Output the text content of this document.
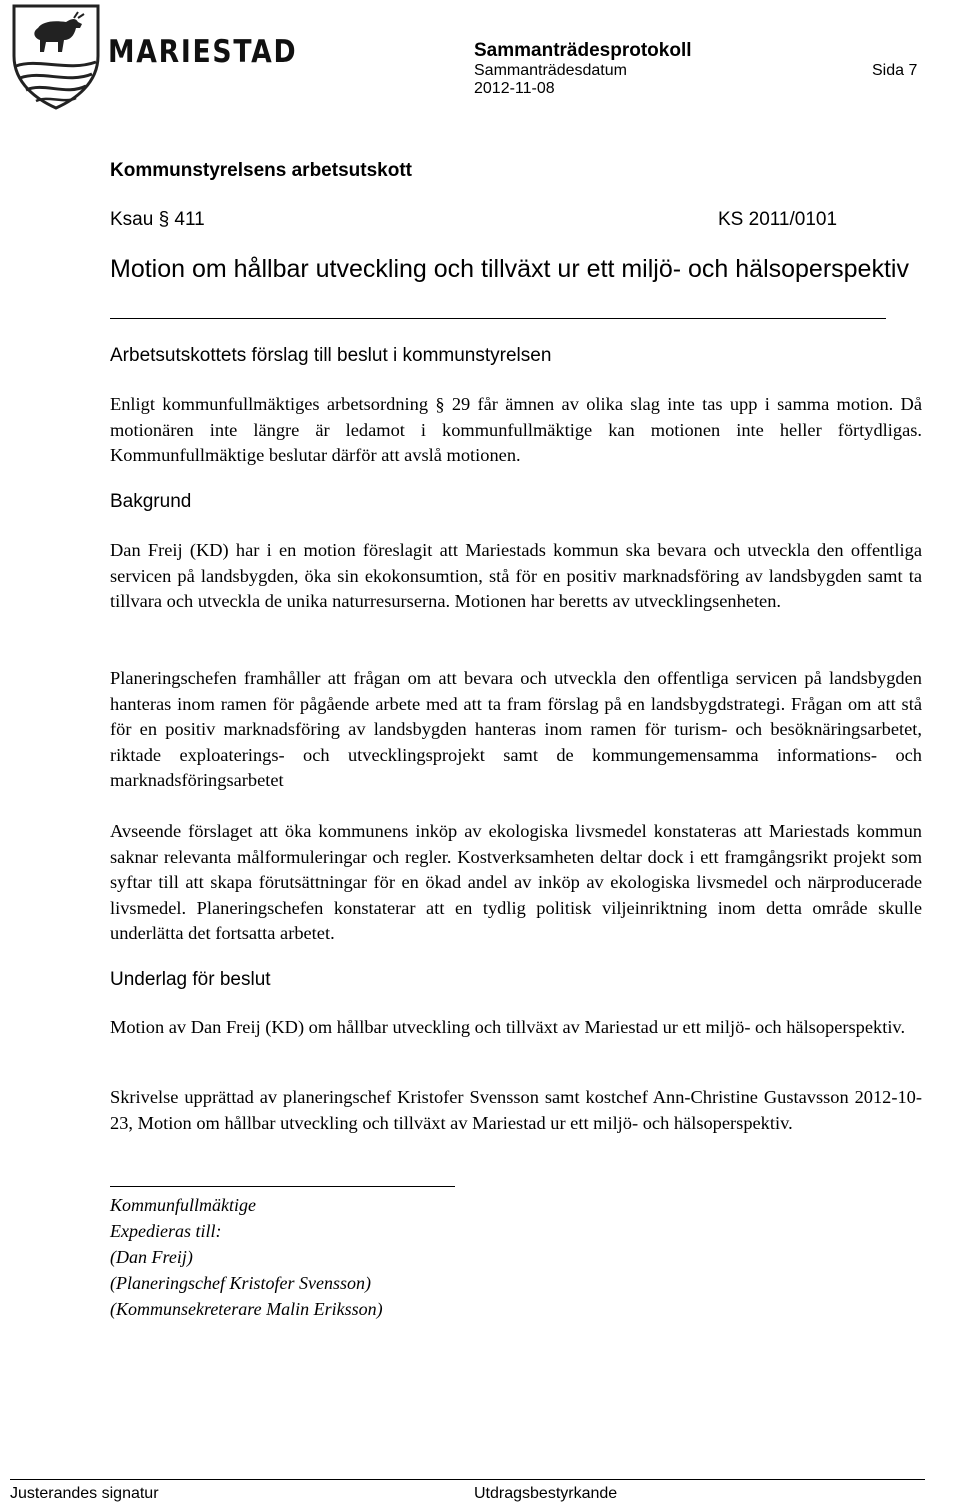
MARIESTAD	Sammanträdesprotokoll
Sammanträdesdatum
2012-11-08
Sida 7
Kommunstyrelsens arbetsutskott
Ksau § 411	KS 2011/0101
Motion om hållbar utveckling och tillväxt ur ett miljö- och hälsoperspektiv
Arbetsutskottets förslag till beslut i kommunstyrelsen
Enligt kommunfullmäktiges arbetsordning § 29 får ämnen av olika slag inte tas upp i samma motion. Då motionären inte längre är ledamot i kommunfullmäktige kan motionen inte heller förtydligas. Kommunfullmäktige beslutar därför att avslå motionen.
Bakgrund
Dan Freij (KD) har i en motion föreslagit att Mariestads kommun ska bevara och utveckla den offentliga servicen på landsbygden, öka sin ekokonsumtion, stå för en positiv marknadsföring av landsbygden samt ta tillvara och utveckla de unika naturresurserna. Motionen har beretts av utvecklingsenheten.
Planeringschefen framhåller att frågan om att bevara och utveckla den offentliga servicen på landsbygden hanteras inom ramen för pågående arbete med att ta fram förslag på en landsbygdstrategi. Frågan om att stå för en positiv marknadsföring av landsbygden hanteras inom ramen för turism- och besöknäringsarbetet, riktade exploaterings- och utvecklingsprojekt samt de kommungemensamma informations- och marknadsföringsarbetet
Avseende förslaget att öka kommunens inköp av ekologiska livsmedel konstateras att Mariestads kommun saknar relevanta målformuleringar och regler. Kostverksamheten deltar dock i ett framgångsrikt projekt som syftar till att skapa förutsättningar för en ökad andel av inköp av ekologiska livsmedel och närproducerade livsmedel. Planeringschefen konstaterar att en tydlig politisk viljeinriktning inom detta område skulle underlätta det fortsatta arbetet.
Underlag för beslut
Motion av Dan Freij (KD) om hållbar utveckling och tillväxt av Mariestad ur ett miljö- och hälsoperspektiv.
Skrivelse upprättad av planeringschef Kristofer Svensson samt kostchef Ann-Christine Gustavsson 2012-10-23, Motion om hållbar utveckling och tillväxt av Mariestad ur ett miljö- och hälsoperspektiv.
Kommunfullmäktige
Expedieras till:
(Dan Freij)
(Planeringschef Kristofer Svensson)
(Kommunsekreterare Malin Eriksson)
Justerandes signatur	Utdragsbestyrkande
